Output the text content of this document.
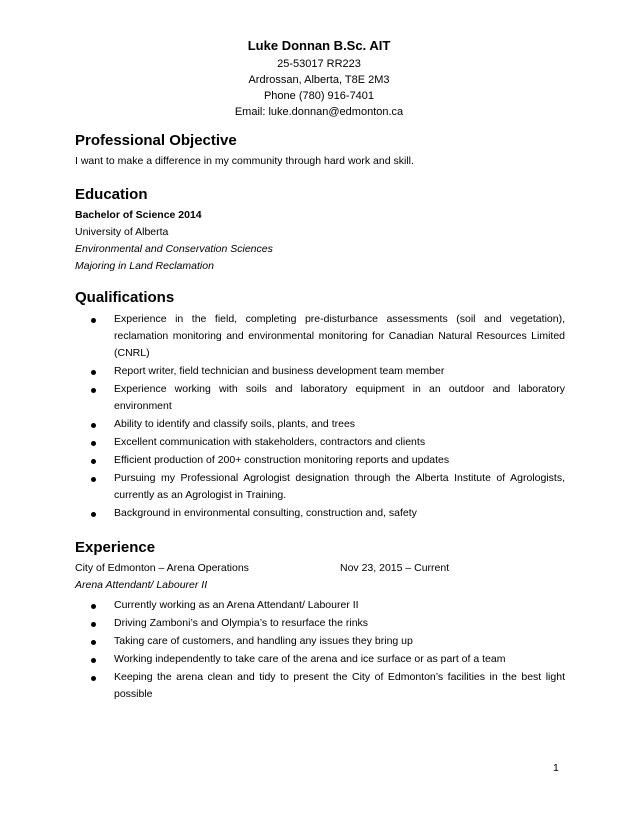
Luke Donnan B.Sc. AIT
25-53017 RR223
Ardrossan, Alberta, T8E 2M3
Phone (780) 916-7401
Email: luke.donnan@edmonton.ca
Professional Objective
I want to make a difference in my community through hard work and skill.
Education
Bachelor of Science 2014
University of Alberta
Environmental and Conservation Sciences
Majoring in Land Reclamation
Qualifications
Experience in the field, completing pre-disturbance assessments (soil and vegetation), reclamation monitoring and environmental monitoring for Canadian Natural Resources Limited (CNRL)
Report writer, field technician and business development team member
Experience working with soils and laboratory equipment in an outdoor and laboratory environment
Ability to identify and classify soils, plants, and trees
Excellent communication with stakeholders, contractors and clients
Efficient production of 200+ construction monitoring reports and updates
Pursuing my Professional Agrologist designation through the Alberta Institute of Agrologists, currently as an Agrologist in Training.
Background in environmental consulting, construction and, safety
Experience
City of Edmonton – Arena Operations	Nov 23, 2015 – Current
Arena Attendant/ Labourer II
Currently working as an Arena Attendant/ Labourer II
Driving Zamboni’s and Olympia’s to resurface the rinks
Taking care of customers, and handling any issues they bring up
Working independently to take care of the arena and ice surface or as part of a team
Keeping the arena clean and tidy to present the City of Edmonton’s facilities in the best light possible
1
